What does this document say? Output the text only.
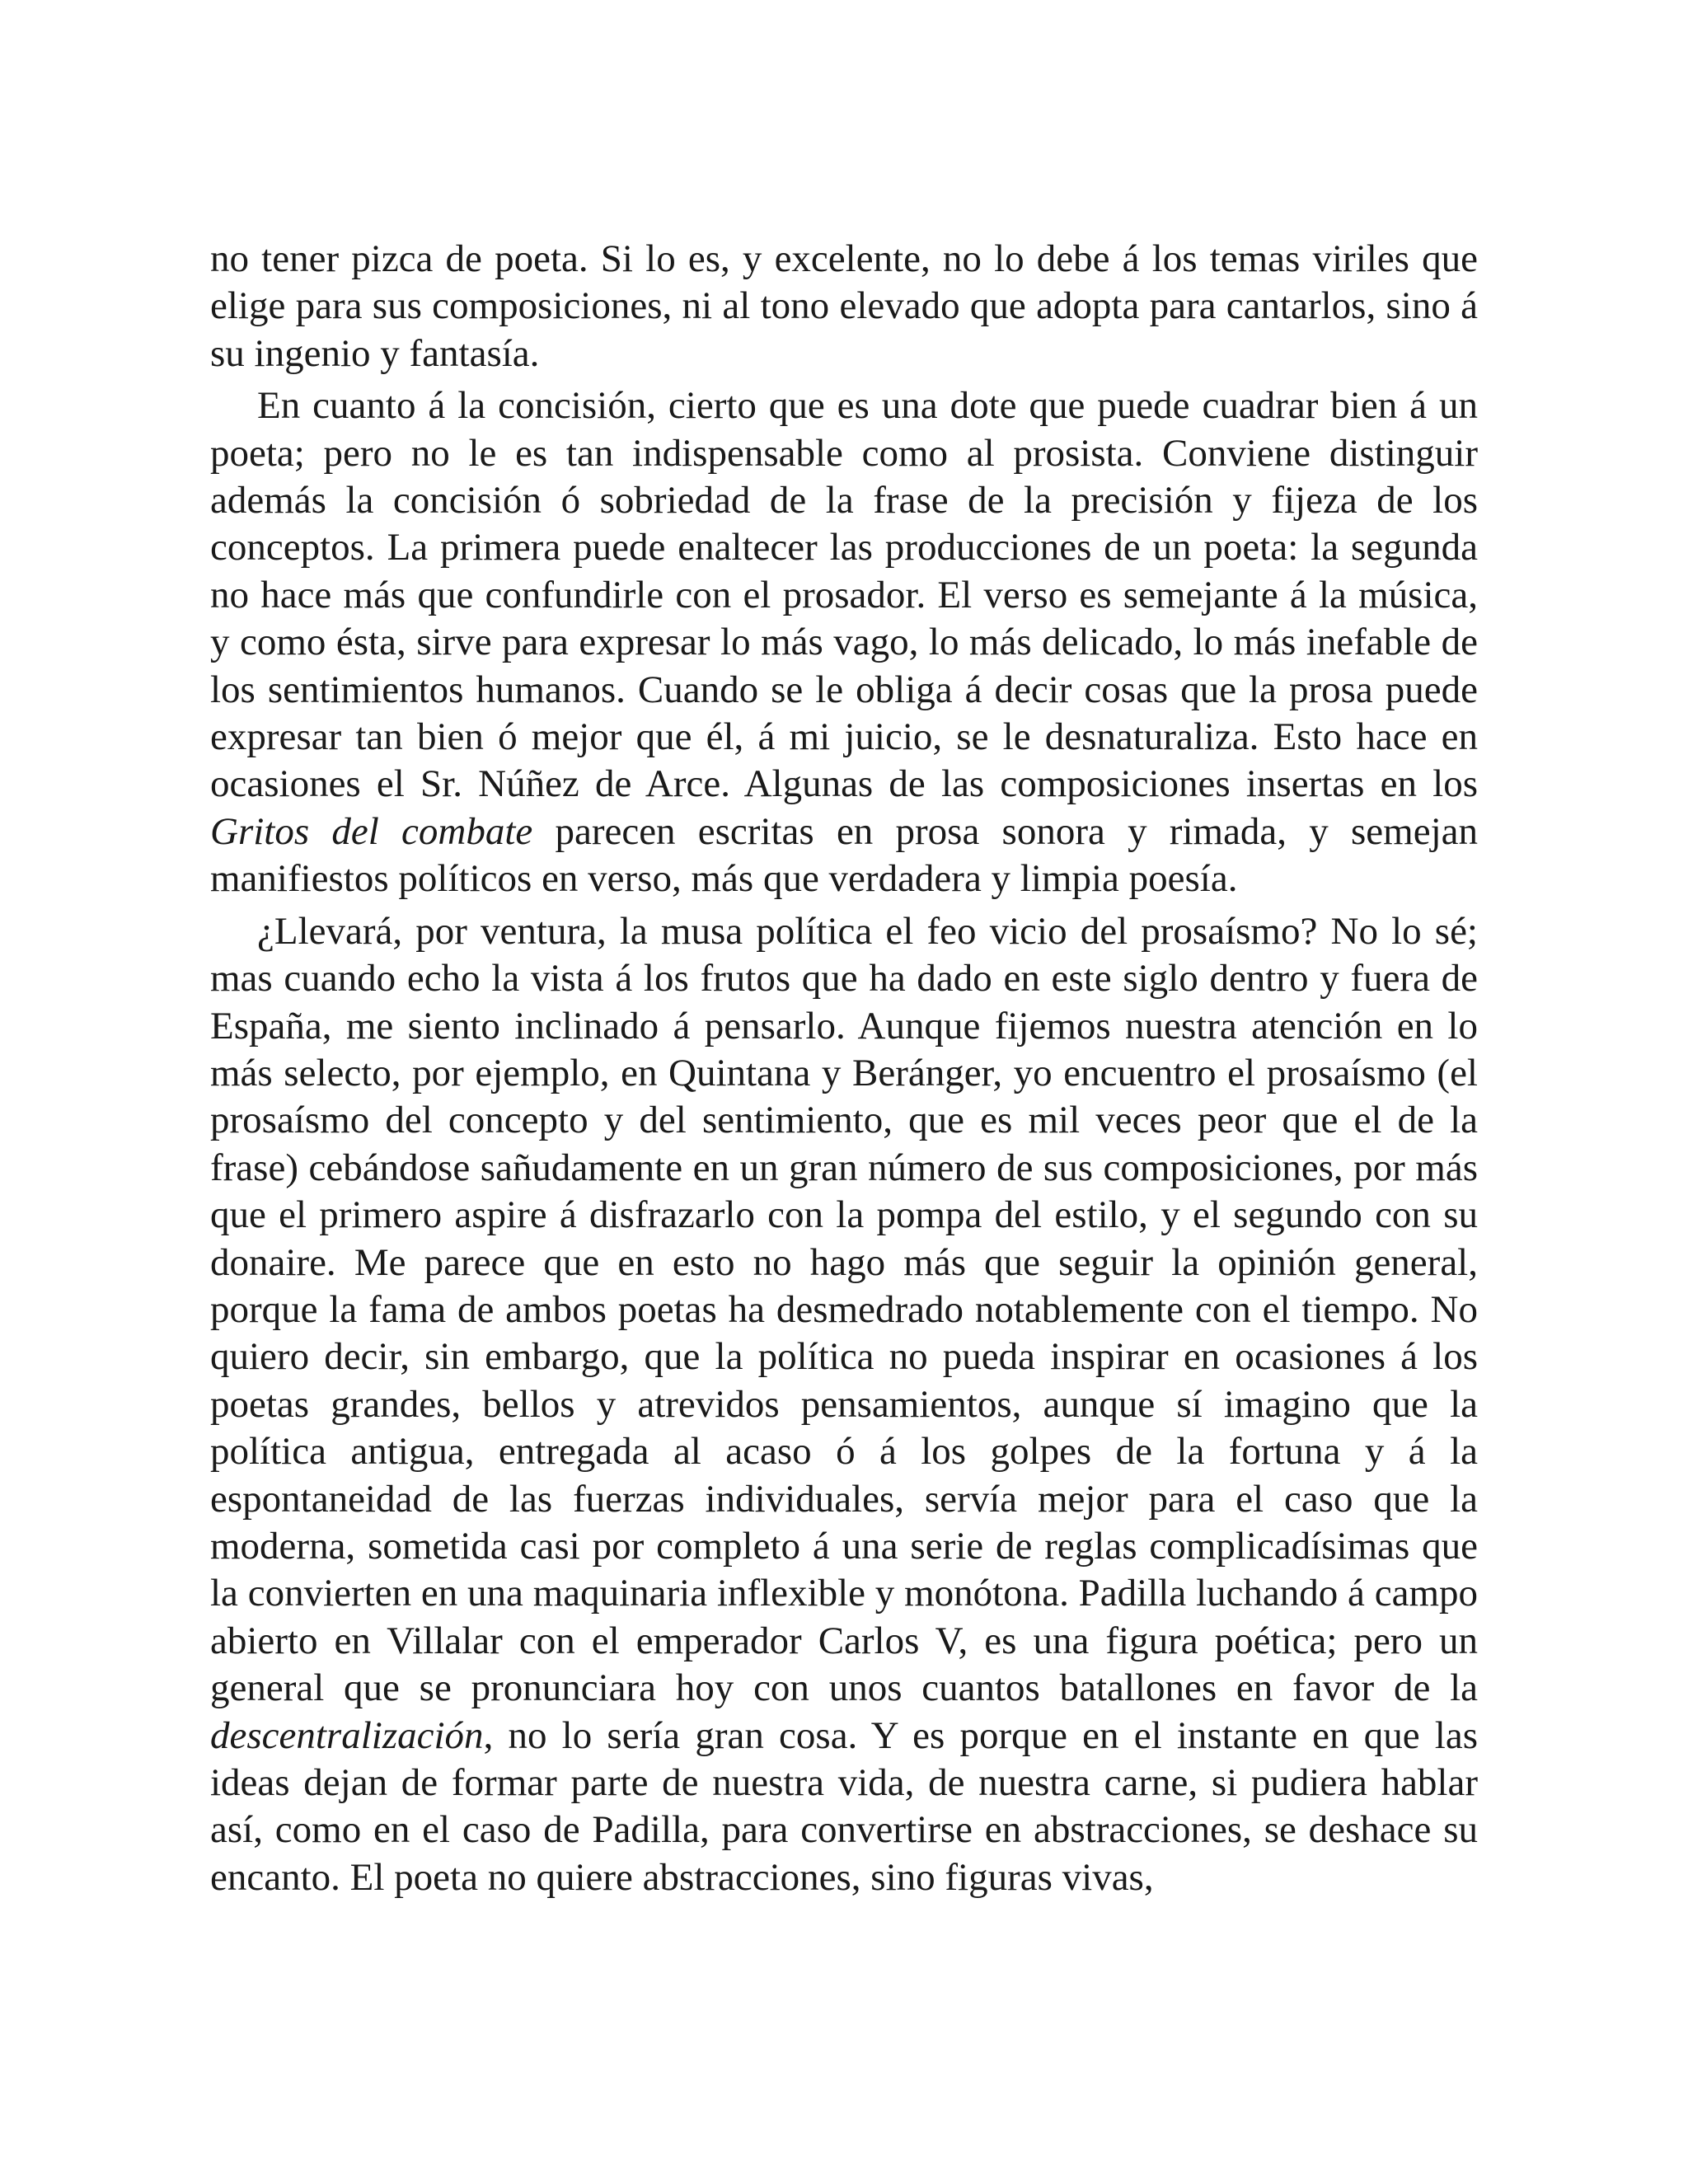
no tener pizca de poeta. Si lo es, y excelente, no lo debe á los temas viriles que elige para sus composiciones, ni al tono elevado que adopta para cantarlos, sino á su ingenio y fantasía.

En cuanto á la concisión, cierto que es una dote que puede cuadrar bien á un poeta; pero no le es tan indispensable como al prosista. Conviene distinguir además la concisión ó sobriedad de la frase de la precisión y fijeza de los conceptos. La primera puede enaltecer las producciones de un poeta: la segunda no hace más que confundirle con el prosador. El verso es semejante á la música, y como ésta, sirve para expresar lo más vago, lo más delicado, lo más inefable de los sentimientos humanos. Cuando se le obliga á decir cosas que la prosa puede expresar tan bien ó mejor que él, á mi juicio, se le desnaturaliza. Esto hace en ocasiones el Sr. Núñez de Arce. Algunas de las composiciones insertas en los Gritos del combate parecen escritas en prosa sonora y rimada, y semejan manifiestos políticos en verso, más que verdadera y limpia poesía.

¿Llevará, por ventura, la musa política el feo vicio del prosaísmo? No lo sé; mas cuando echo la vista á los frutos que ha dado en este siglo dentro y fuera de España, me siento inclinado á pensarlo. Aunque fijemos nuestra atención en lo más selecto, por ejemplo, en Quintana y Beránger, yo encuentro el prosaísmo (el prosaísmo del concepto y del sentimiento, que es mil veces peor que el de la frase) cebándose sañudamente en un gran número de sus composiciones, por más que el primero aspire á disfrazarlo con la pompa del estilo, y el segundo con su donaire. Me parece que en esto no hago más que seguir la opinión general, porque la fama de ambos poetas ha desmedrado notablemente con el tiempo. No quiero decir, sin embargo, que la política no pueda inspirar en ocasiones á los poetas grandes, bellos y atrevidos pensamientos, aunque sí imagino que la política antigua, entregada al acaso ó á los golpes de la fortuna y á la espontaneidad de las fuerzas individuales, servía mejor para el caso que la moderna, sometida casi por completo á una serie de reglas complicadísimas que la convierten en una maquinaria inflexible y monótona. Padilla luchando á campo abierto en Villalar con el emperador Carlos V, es una figura poética; pero un general que se pronunciara hoy con unos cuantos batallones en favor de la descentralización, no lo sería gran cosa. Y es porque en el instante en que las ideas dejan de formar parte de nuestra vida, de nuestra carne, si pudiera hablar así, como en el caso de Padilla, para convertirse en abstracciones, se deshace su encanto. El poeta no quiere abstracciones, sino figuras vivas,
